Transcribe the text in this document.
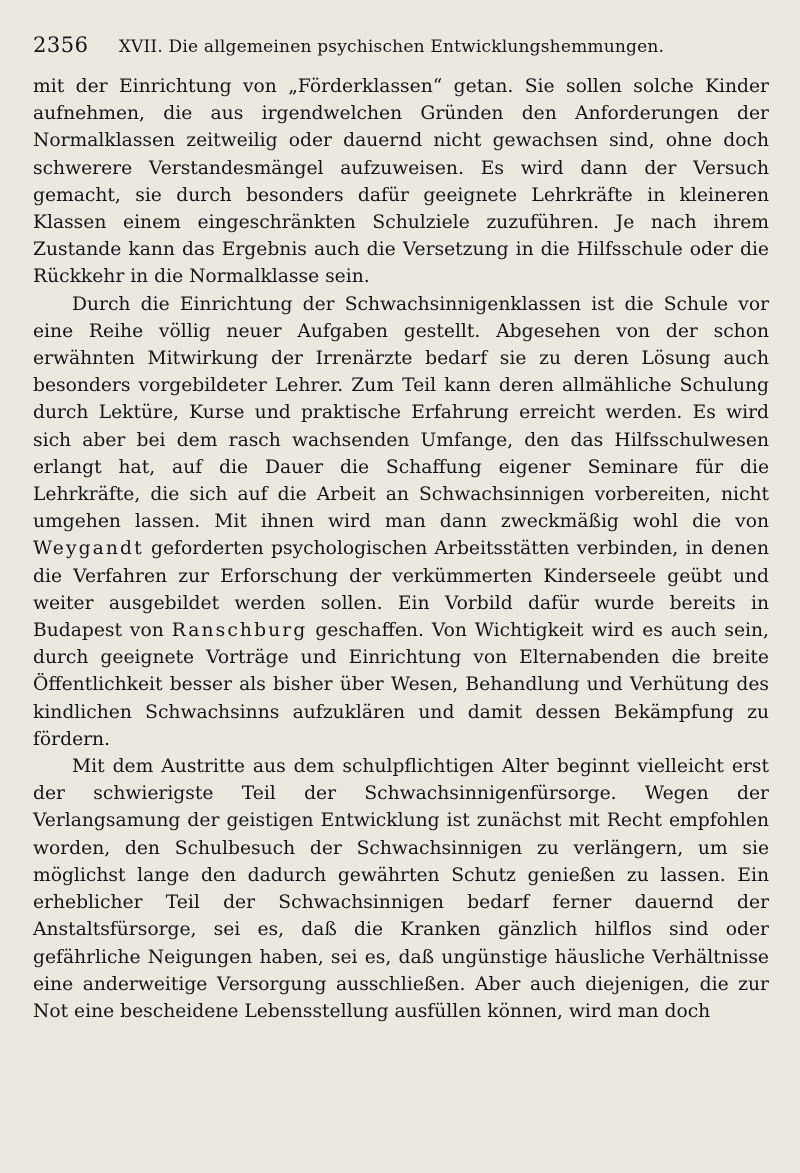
2356 XVII. Die allgemeinen psychischen Entwicklungshemmungen.

mit der Einrichtung von „Förderklassen“ getan. Sie sollen solche Kinder aufnehmen, die aus irgendwelchen Gründen den Anforderungen der Normalklassen zeitweilig oder dauernd nicht gewachsen sind, ohne doch schwerere Verstandesmängel aufzuweisen. Es wird dann der Versuch gemacht, sie durch besonders dafür geeignete Lehrkräfte in kleineren Klassen einem eingeschränkten Schulziele zuzuführen. Je nach ihrem Zustande kann das Ergebnis auch die Versetzung in die Hilfsschule oder die Rückkehr in die Normalklasse sein.

Durch die Einrichtung der Schwachsinnigenklassen ist die Schule vor eine Reihe völlig neuer Aufgaben gestellt. Abgesehen von der schon erwähnten Mitwirkung der Irrenärzte bedarf sie zu deren Lösung auch besonders vorgebildeter Lehrer. Zum Teil kann deren allmähliche Schulung durch Lektüre, Kurse und praktische Erfahrung erreicht werden. Es wird sich aber bei dem rasch wachsenden Umfange, den das Hilfsschulwesen erlangt hat, auf die Dauer die Schaffung eigener Seminare für die Lehrkräfte, die sich auf die Arbeit an Schwachsinnigen vorbereiten, nicht umgehen lassen. Mit ihnen wird man dann zweckmäßig wohl die von Weygandt geforderten psychologischen Arbeitsstätten verbinden, in denen die Verfahren zur Erforschung der verkümmerten Kinderseele geübt und weiter ausgebildet werden sollen. Ein Vorbild dafür wurde bereits in Budapest von Ranschburg geschaffen. Von Wichtigkeit wird es auch sein, durch geeignete Vorträge und Einrichtung von Elternabenden die breite Öffentlichkeit besser als bisher über Wesen, Behandlung und Verhütung des kindlichen Schwachsinns aufzuklären und damit dessen Bekämpfung zu fördern.

Mit dem Austritte aus dem schulpflichtigen Alter beginnt vielleicht erst der schwierigste Teil der Schwachsinnigenfürsorge. Wegen der Verlangsamung der geistigen Entwicklung ist zunächst mit Recht empfohlen worden, den Schulbesuch der Schwachsinnigen zu verlängern, um sie möglichst lange den dadurch gewährten Schutz genießen zu lassen. Ein erheblicher Teil der Schwachsinnigen bedarf ferner dauernd der Anstaltsfürsorge, sei es, daß die Kranken gänzlich hilflos sind oder gefährliche Neigungen haben, sei es, daß ungünstige häusliche Verhältnisse eine anderweitige Versorgung ausschließen. Aber auch diejenigen, die zur Not eine bescheidene Lebensstellung ausfüllen können, wird man doch
